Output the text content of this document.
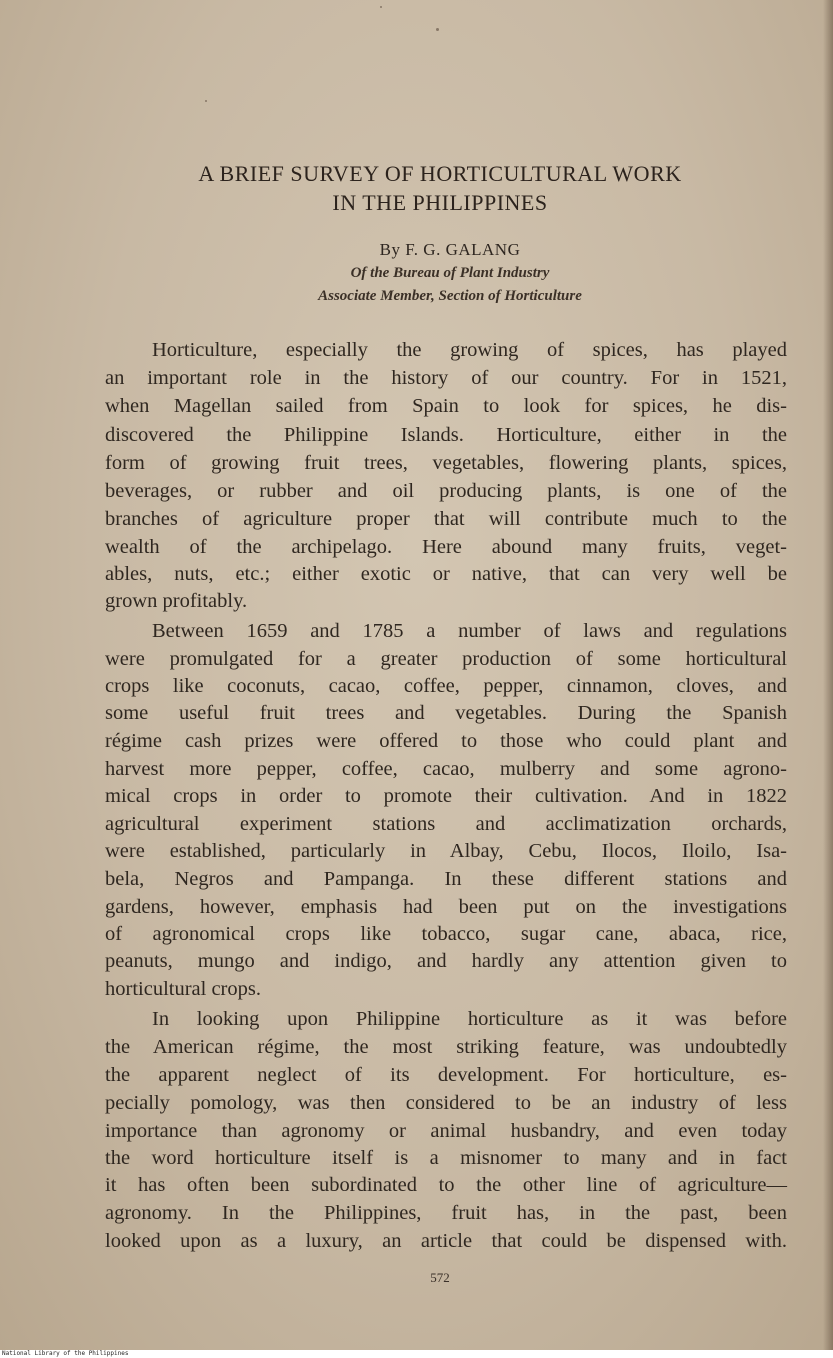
A BRIEF SURVEY OF HORTICULTURAL WORK
IN THE PHILIPPINES
By F. G. GALANG
Of the Bureau of Plant Industry
Associate Member, Section of Horticulture
Horticulture, especially the growing of spices, has played
an important role in the history of our country. For in 1521,
when Magellan sailed from Spain to look for spices, he dis-
discovered the Philippine Islands. Horticulture, either in the
form of growing fruit trees, vegetables, flowering plants, spices,
beverages, or rubber and oil producing plants, is one of the
branches of agriculture proper that will contribute much to the
wealth of the archipelago. Here abound many fruits, veget-
ables, nuts, etc.; either exotic or native, that can very well be
grown profitably.
Between 1659 and 1785 a number of laws and regulations
were promulgated for a greater production of some horticultural
crops like coconuts, cacao, coffee, pepper, cinnamon, cloves, and
some useful fruit trees and vegetables. During the Spanish
régime cash prizes were offered to those who could plant and
harvest more pepper, coffee, cacao, mulberry and some agrono-
mical crops in order to promote their cultivation. And in 1822
agricultural experiment stations and acclimatization orchards,
were established, particularly in Albay, Cebu, Ilocos, Iloilo, Isa-
bela, Negros and Pampanga. In these different stations and
gardens, however, emphasis had been put on the investigations
of agronomical crops like tobacco, sugar cane, abaca, rice,
peanuts, mungo and indigo, and hardly any attention given to
horticultural crops.
In looking upon Philippine horticulture as it was before
the American régime, the most striking feature, was undoubtedly
the apparent neglect of its development. For horticulture, es-
pecially pomology, was then considered to be an industry of less
importance than agronomy or animal husbandry, and even today
the word horticulture itself is a misnomer to many and in fact
it has often been subordinated to the other line of agriculture—
agronomy. In the Philippines, fruit has, in the past, been
looked upon as a luxury, an article that could be dispensed with.
572
National Library of the Philippines
